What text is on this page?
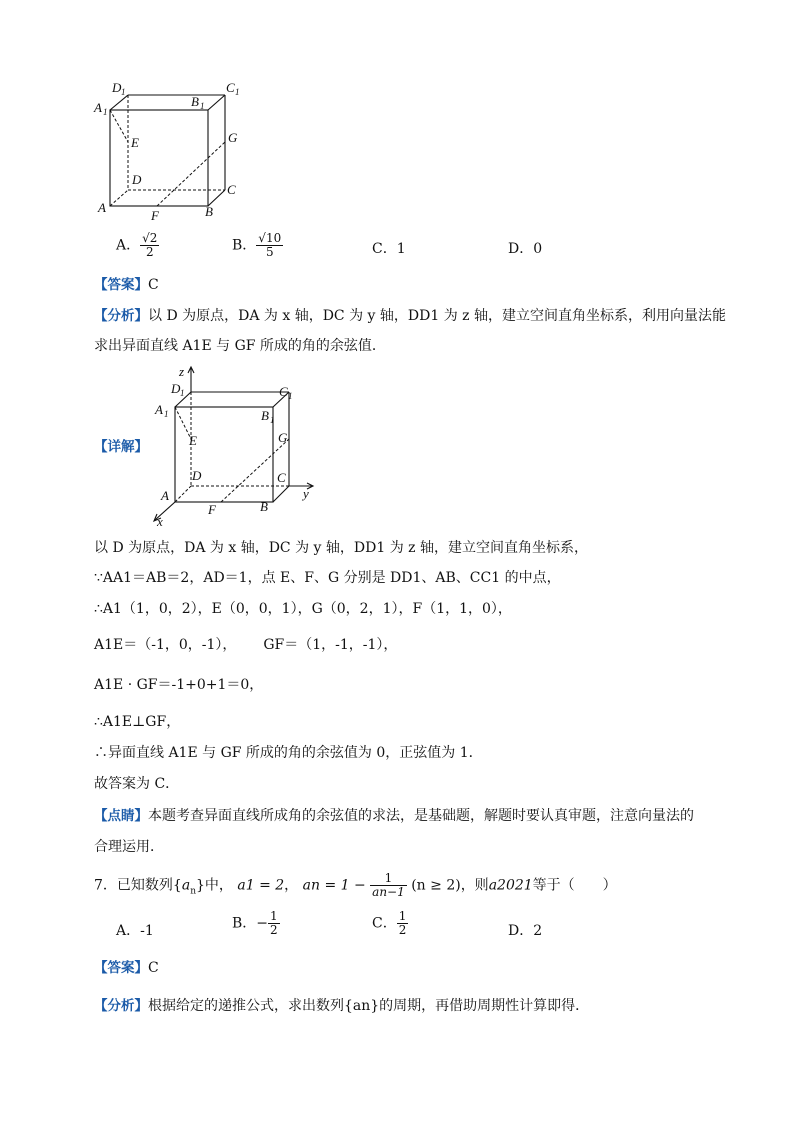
D 1	C 1
A 1
B 1
E	G
D
C
A
F	B
A． $\frac{√2}{2}$	B． $\frac{√10}{5}$	C．1	D．0
【答案】C
【分析】以 D 为原点，DA 为 x 轴，DC 为 y 轴，DD1 为 z 轴，建立空间直角坐标系，利用向量法能
求出异面直线 A1E 与 GF 所成的角的余弦值．
z
D 1	C 1
A 1	B 1
E	G
D	C
y
A
F	B
x
【详解】
以 D 为原点，DA 为 x 轴，DC 为 y 轴，DD1 为 z 轴，建立空间直角坐标系，
∵AA1＝AB＝2，AD＝1，点 E、F、G 分别是 DD1、AB、CC1 的中点，
∴A1（1，0，2），E（0，0，1），G（0，2，1），F（1，1，0），
A1E＝（-1，0，-1）， GF＝（1，-1，-1），
A1E · GF＝-1+0+1＝0，
∴A1E⊥GF，
∴异面直线 A1E 与 GF 所成的角的余弦值为 0，正弦值为 1．
故答案为 C．
【点睛】本题考查异面直线所成角的余弦值的求法，是基础题，解题时要认真审题，注意向量法的
合理运用．
7．已知数列$\{a_n\}$中， a1 = 2， an = $1 - \frac{1}{an-1} (n \ge 2)$，则a2021等于（　　）
A．-1	B．− $\frac{1}{2}$	C． $\frac{1}{2}$	D．2
【答案】C
【分析】根据给定的递推公式，求出数列{an}的周期，再借助周期性计算即得．
